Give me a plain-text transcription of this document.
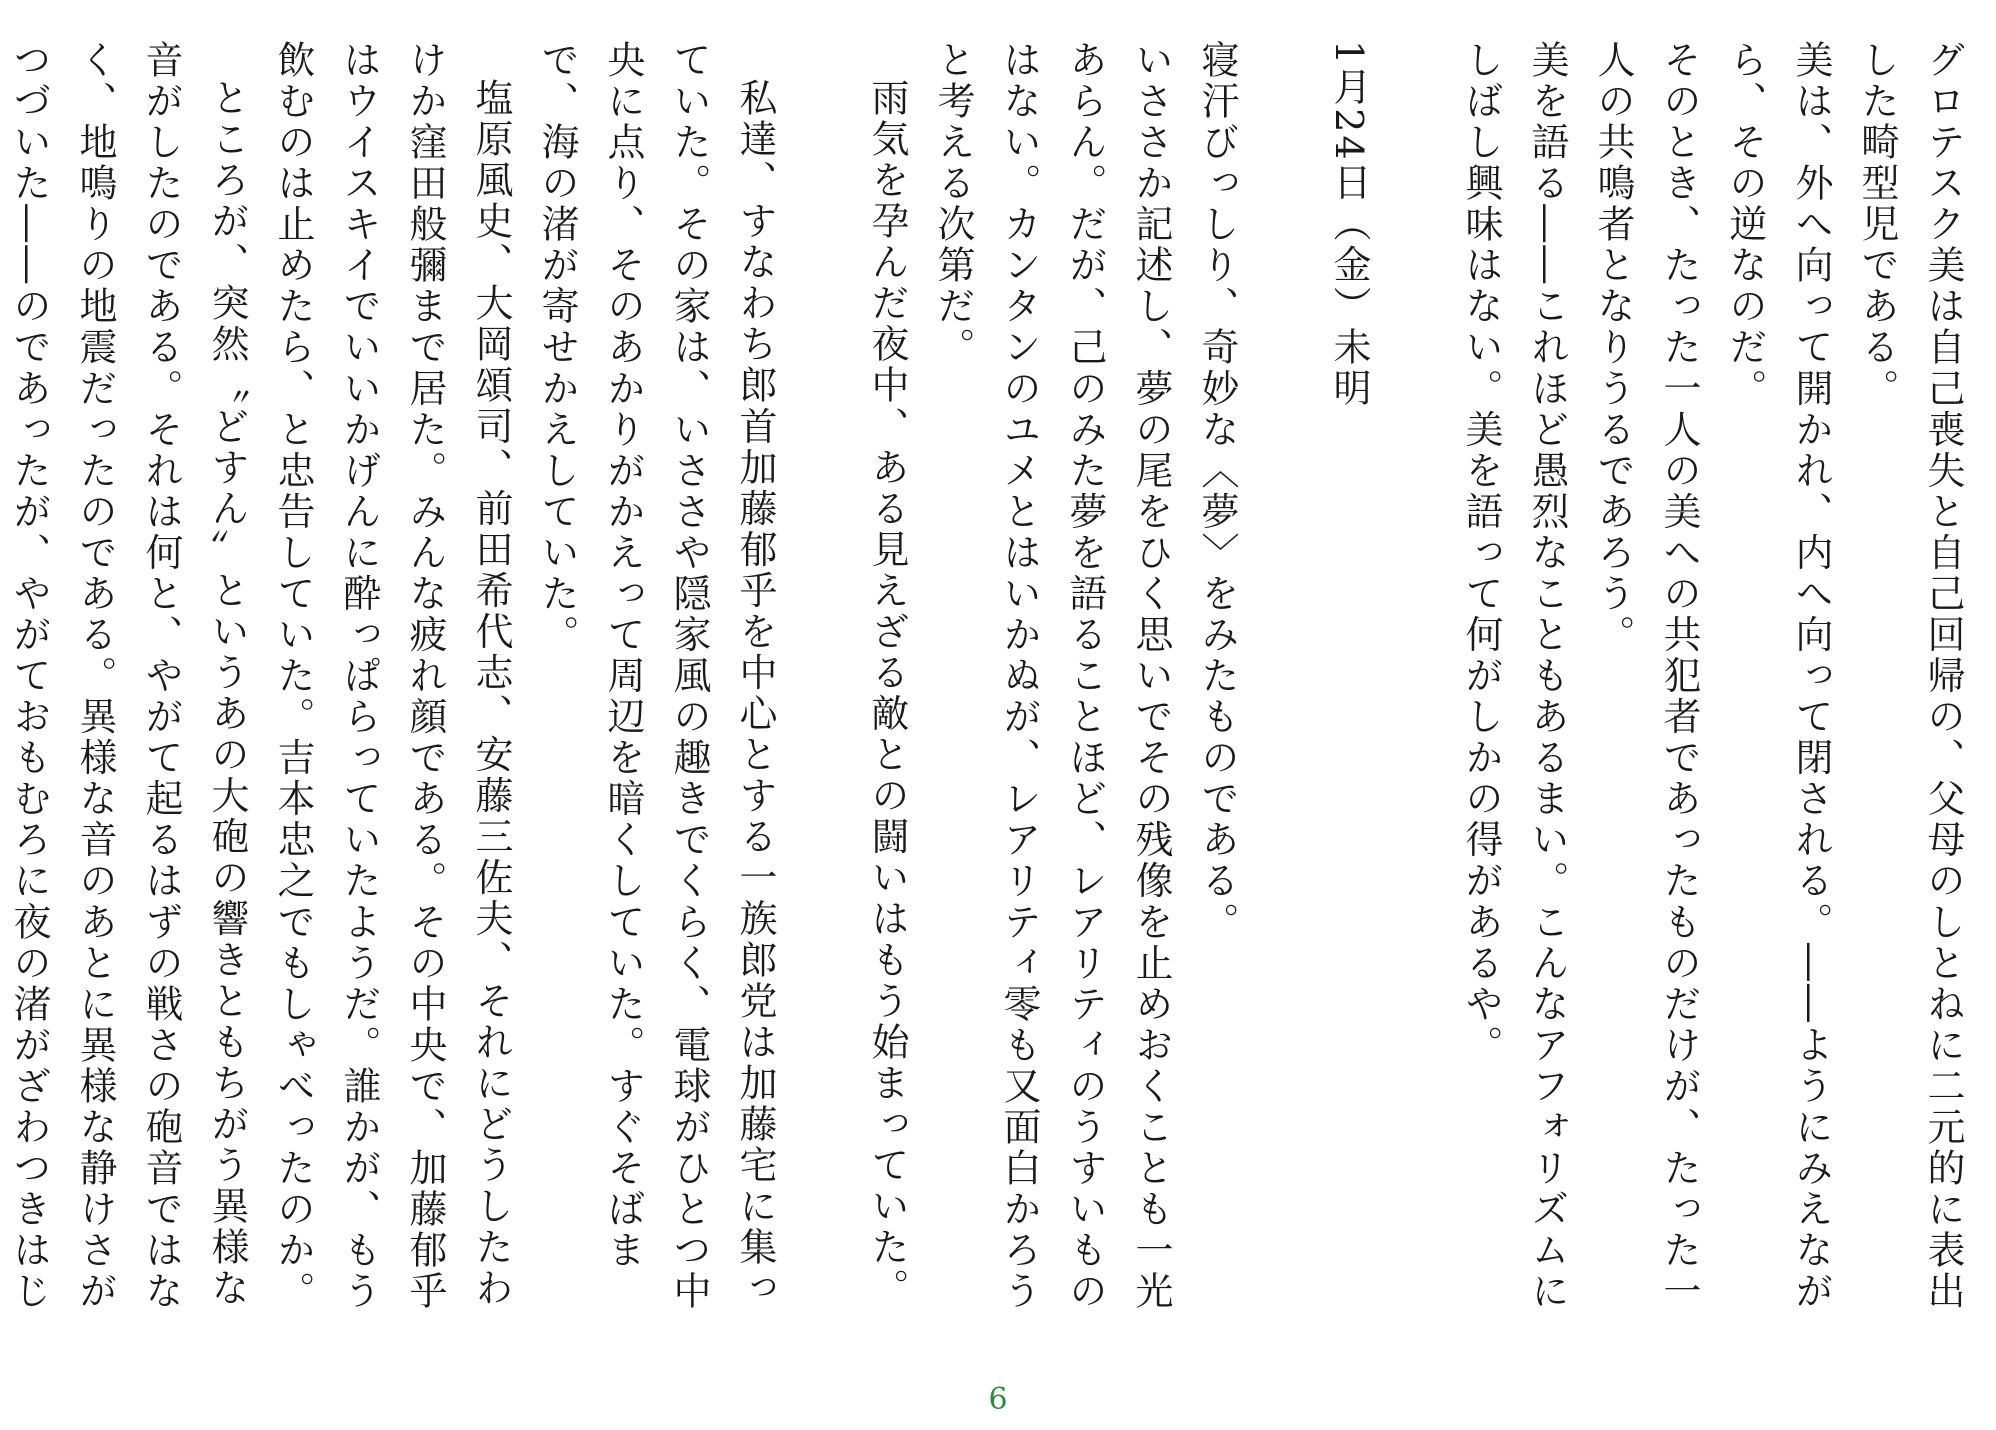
グロテスク美は自己喪失と自己回帰の、父母のしとねに二元的に表出した畸型児である。

美は、外へ向って開かれ、内へ向って閉される。――ようにみえながら、その逆なのだ。

そのとき、たった一人の美への共犯者であったものだけが、たった一人の共鳴者となりうるであろう。

美を語る――これほど愚烈なこともあるまい。こんなアフォリズムにしばし興味はない。美を語って何がしかの得があるや。

1月24日（金）未明

寝汗びっしり、奇妙な〈夢〉をみたものである。

いささか記述し、夢の尾をひく思いでその残像を止めおくことも一光あらん。だが、己のみた夢を語ることほど、レアリティのうすいものはない。カンタンのユメとはいかぬが、レアリティ零も又面白かろうと考える次第だ。

雨気を孕んだ夜中、ある見えざる敵との闘いはもう始まっていた。

私達、すなわち郎首加藤郁乎を中心とする一族郎党は加藤宅に集っていた。その家は、いささや隠家風の趣きでくらく、電球がひとつ中央に点り、そのあかりがかえって周辺を暗くしていた。すぐそばまで、海の渚が寄せかえしていた。

塩原風史、大岡頌司、前田希代志、安藤三佐夫、それにどうしたわけか窪田般彌まで居た。みんな疲れ顔である。その中央で、加藤郁乎はウイスキイでいいかげんに酔っぱらっていたようだ。誰かが、もう飲むのは止めたら、と忠告していた。吉本忠之でもしゃべったのか。

ところが、突然〝どすん〟というあの大砲の響きともちがう異様な音がしたのである。それは何と、やがて起るはずの戦さの砲音ではなく、地鳴りの地震だったのである。異様な音のあとに異様な静けさがつづいた――のであったが、やがておもむろに夜の渚がざわつきはじ

6
